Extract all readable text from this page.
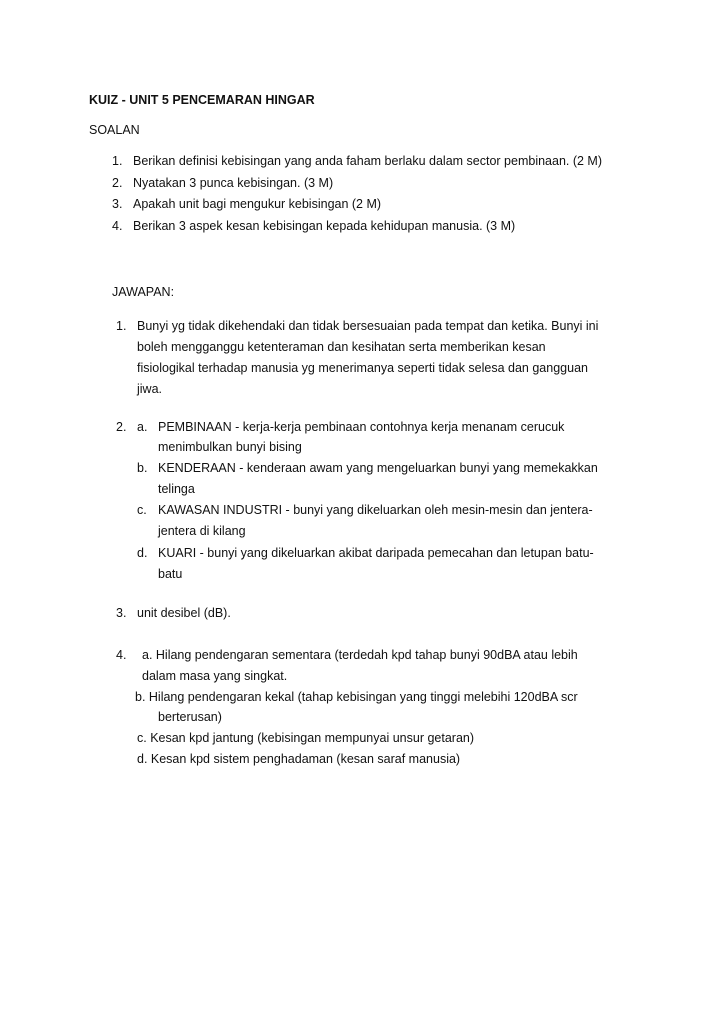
KUIZ - UNIT 5 PENCEMARAN HINGAR
SOALAN
1. Berikan definisi kebisingan yang anda faham berlaku dalam sector pembinaan. (2 M)
2. Nyatakan 3 punca kebisingan. (3 M)
3. Apakah unit bagi mengukur kebisingan (2 M)
4. Berikan 3 aspek kesan kebisingan kepada kehidupan manusia. (3 M)
JAWAPAN:
1. Bunyi yg tidak dikehendaki dan tidak bersesuaian pada tempat dan ketika. Bunyi ini
boleh mengganggu ketenteraman dan kesihatan serta memberikan kesan
fisiologikal terhadap manusia yg menerimanya seperti tidak selesa dan gangguan
jiwa.
2. a. PEMBINAAN - kerja-kerja pembinaan contohnya kerja menanam cerucuk
menimbulkan bunyi bising
b. KENDERAAN - kenderaan awam yang mengeluarkan bunyi yang memekakkan
telinga
c. KAWASAN INDUSTRI - bunyi yang dikeluarkan oleh mesin-mesin dan jentera-
jentera di kilang
d. KUARI - bunyi yang dikeluarkan akibat daripada pemecahan dan letupan batu-
batu
3. unit desibel (dB).
4. a. Hilang pendengaran sementara (terdedah kpd tahap bunyi 90dBA atau lebih
dalam masa yang singkat.
b. Hilang pendengaran kekal (tahap kebisingan yang tinggi melebihi 120dBA scr
berterusan)
c. Kesan kpd jantung (kebisingan mempunyai unsur getaran)
d. Kesan kpd sistem penghadaman (kesan saraf manusia)
